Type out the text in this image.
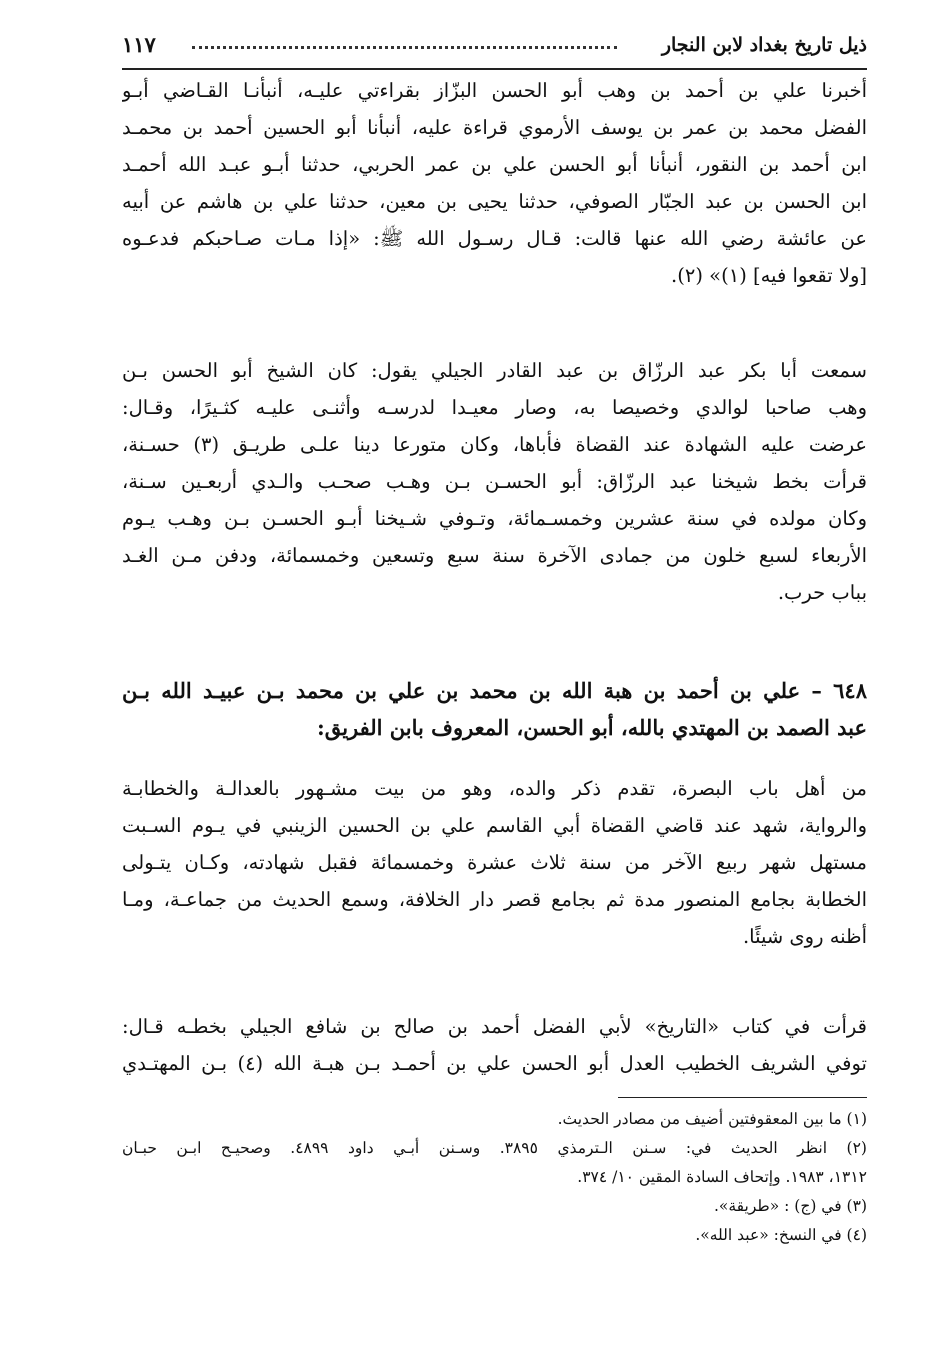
ذيل تاريخ بغداد لابن النجار
١١٧
أخبرنا علي بن أحمد بن وهب أبو الحسن البزّاز بقراءتي عليـه، أنبأنـا القـاضي أبـو
الفضل محمد بن عمر بن يوسف الأرموي قراءة عليه، أنبأنا أبو الحسين أحمد بن محمـد
ابن أحمد بن النقور، أنبأنا أبو الحسن علي بن عمر الحربي، حدثنا أبـو عبـد الله أحمـد
ابن الحسن بن عبد الجبّار الصوفي، حدثنا يحيى بن معين، حدثنا علي بن هاشم عن أبيه
عن عائشة رضي الله عنها قالت: قـال رسـول الله ﷺ: «إذا مـات صـاحبكم فدعـوه
[ولا تقعوا فيه] (١)» (٢).
سمعت أبا بكر عبد الرزّاق بن عبد القادر الجيلي يقول: كان الشيخ أبو الحسن بـن
وهب صاحبا لوالدي وخصيصا به، وصار معيـدا لدرسـه وأثنـى عليـه كثـيرًا، وقـال:
عرضت عليه الشهادة عند القضاة فأباها، وكان متورعا دينا علـى طريـق (٣) حسـنة،
قرأت بخط شيخنا عبد الرزّاق: أبو الحسـن بـن وهـب صحـب والـدي أربعـين سـنة،
وكان مولده في سنة عشرين وخمسـمائة، وتـوفي شـيخنا أبـو الحسـن بـن وهـب يـوم
الأربعاء لسبع خلون من جمادى الآخرة سنة سبع وتسعين وخمسمائة، ودفن مـن الغـد
بباب حرب.
٦٤٨ – علي بن أحمد بن هبة الله بن محمد بن علي بن محمد بـن عبيـد الله بـن
عبد الصمد بن المهتدي بالله، أبو الحسن، المعروف بابن الفريق:
من أهل باب البصرة، تقدم ذكر والده، وهو من بيت مشـهور بالعدالـة والخطابـة
والرواية، شهد عند قاضي القضاة أبي القاسم علي بن الحسين الزينبي في يـوم السـبت
مستهل شهر ربيع الآخر من سنة ثلاث عشرة وخمسمائة فقبل شهادته، وكـان يتـولى
الخطابة بجامع المنصور مدة ثم بجامع قصر دار الخلافة، وسمع الحديث من جماعـة، ومـا
أظنه روى شيئًا.
قرأت في كتاب «التاريخ» لأبي الفضل أحمد بن صالح بن شافع الجيلي بخطـه قـال:
توفي الشريف الخطيب العدل أبو الحسن علي بن أحمـد بـن هبـة الله (٤) بـن المهتـدي
(١) ما بين المعقوفتين أضيف من مصادر الحديث.
(٢) انظر الحديث في: سـنن الـترمذي ٣٨٩٥. وسـنن أبـي داود ٤٨٩٩. وصحيـح ابـن حبـان
١٣١٢، ١٩٨٣. وإتحاف السادة المقين ١٠/ ٣٧٤.
(٣) في (ج) : «طريقة».
(٤) في النسخ: «عبد الله».
